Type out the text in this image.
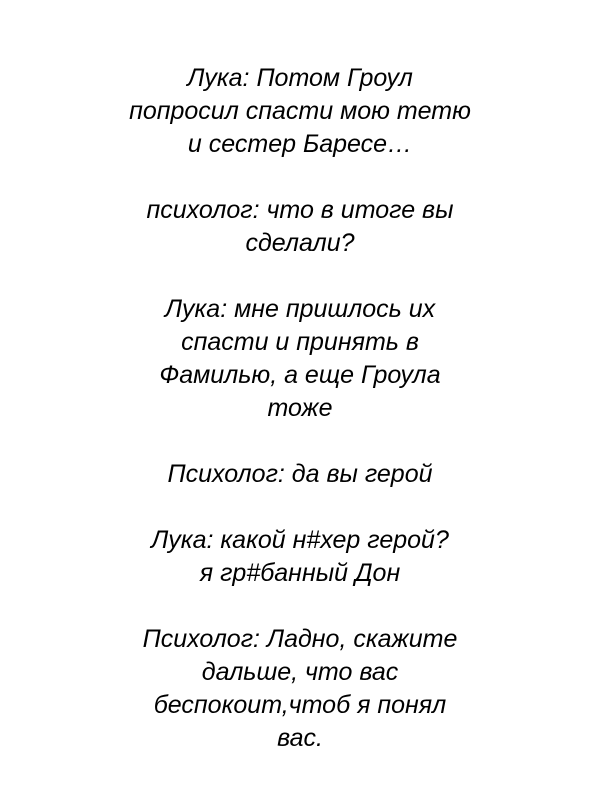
Лука: Потом Гроул
попросил спасти мою тетю
и сестер Баресе…

психолог: что в итоге вы
сделали?

Лука: мне пришлось их
спасти и принять в
Фамилью, а еще Гроула
тоже

Психолог: да вы герой

Лука: какой н#хер герой?
я гр#банный Дон

Психолог: Ладно, скажите
дальше, что вас
беспокоит,чтоб я понял
вас.
